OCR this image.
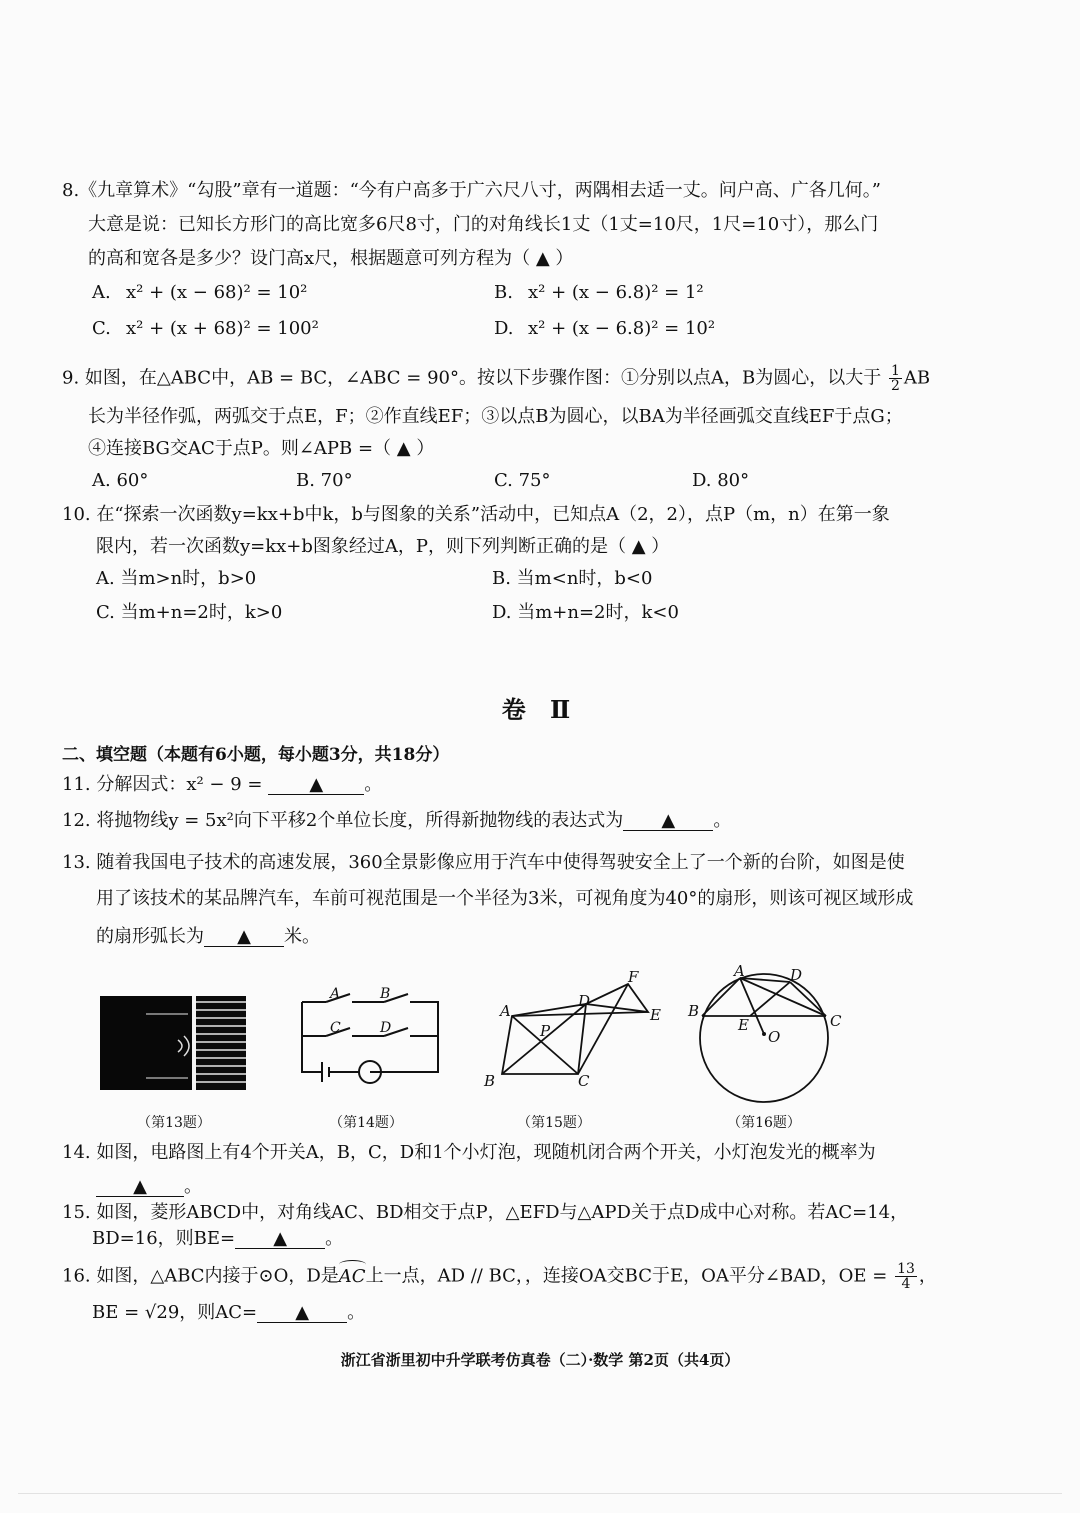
8.《九章算术》“勾股”章有一道题：“今有户高多于广六尺八寸，两隅相去适一丈。问户高、广各几何。”
大意是说：已知长方形门的高比宽多6尺8寸，门的对角线长1丈（1丈=10尺，1尺=10寸），那么门
的高和宽各是多少？设门高x尺，根据题意可列方程为（ ▲ ）
A. x² + (x − 68)² = 10²	B. x² + (x − 6.8)² = 1²
C. x² + (x + 68)² = 100²	D. x² + (x − 6.8)² = 10²
9. 如图，在△ABC中，AB = BC，∠ABC = 90°。按以下步骤作图：①分别以点A，B为圆心，以大于 $\frac{1}{2}$ AB
长为半径作弧，两弧交于点E，F；②作直线EF；③以点B为圆心，以BA为半径画弧交直线EF于点G；
④连接BG交AC于点P。则∠APB =（ ▲ ）
A. 60°	B. 70°	C. 75°	D. 80°
10. 在“探索一次函数y=kx+b中k，b与图象的关系”活动中，已知点A（2，2），点P（m，n）在第一象
限内，若一次函数y=kx+b图象经过A，P，则下列判断正确的是（ ▲ ）
A. 当m>n时，b>0	B. 当m<n时，b<0
C. 当m+n=2时，k>0	D. 当m+n=2时，k<0
卷 Ⅱ
二、填空题（本题有6小题，每小题3分，共18分）
11. 分解因式：x² − 9 =	▲ 。
12. 将抛物线y = 5x²向下平移2个单位长度，所得新抛物线的表达式为 ▲ 。
13. 随着我国电子技术的高速发展，360全景影像应用于汽车中使得驾驶安全上了一个新的台阶，如图是使
用了该技术的某品牌汽车，车前可视范围是一个半径为3米，可视角度为40°的扇形，则该可视区域形成
的扇形弧长为 ▲ 米。
（第13题）
A	B
C	D
（第14题）
A
B	C
D
E
F
P
（第15题）
A
B
C
D
E
O
（第16题）
14. 如图，电路图上有4个开关A，B，C，D和1个小灯泡，现随机闭合两个开关，小灯泡发光的概率为
▲ 。
15. 如图，菱形ABCD中，对角线AC、BD相交于点P，△EFD与△APD关于点D成中心对称。若AC=14，
BD=16，则BE= ▲ 。
16. 如图，△ABC内接于⊙O，D是
AC上一点，AD // BC，，连接OA交BC于E，OA平分∠BAD，OE = $\frac{13}{4}$ ，
BE = √29，则AC= ▲ 。
浙江省浙里初中升学联考仿真卷（二）·数学 第2页（共4页）
